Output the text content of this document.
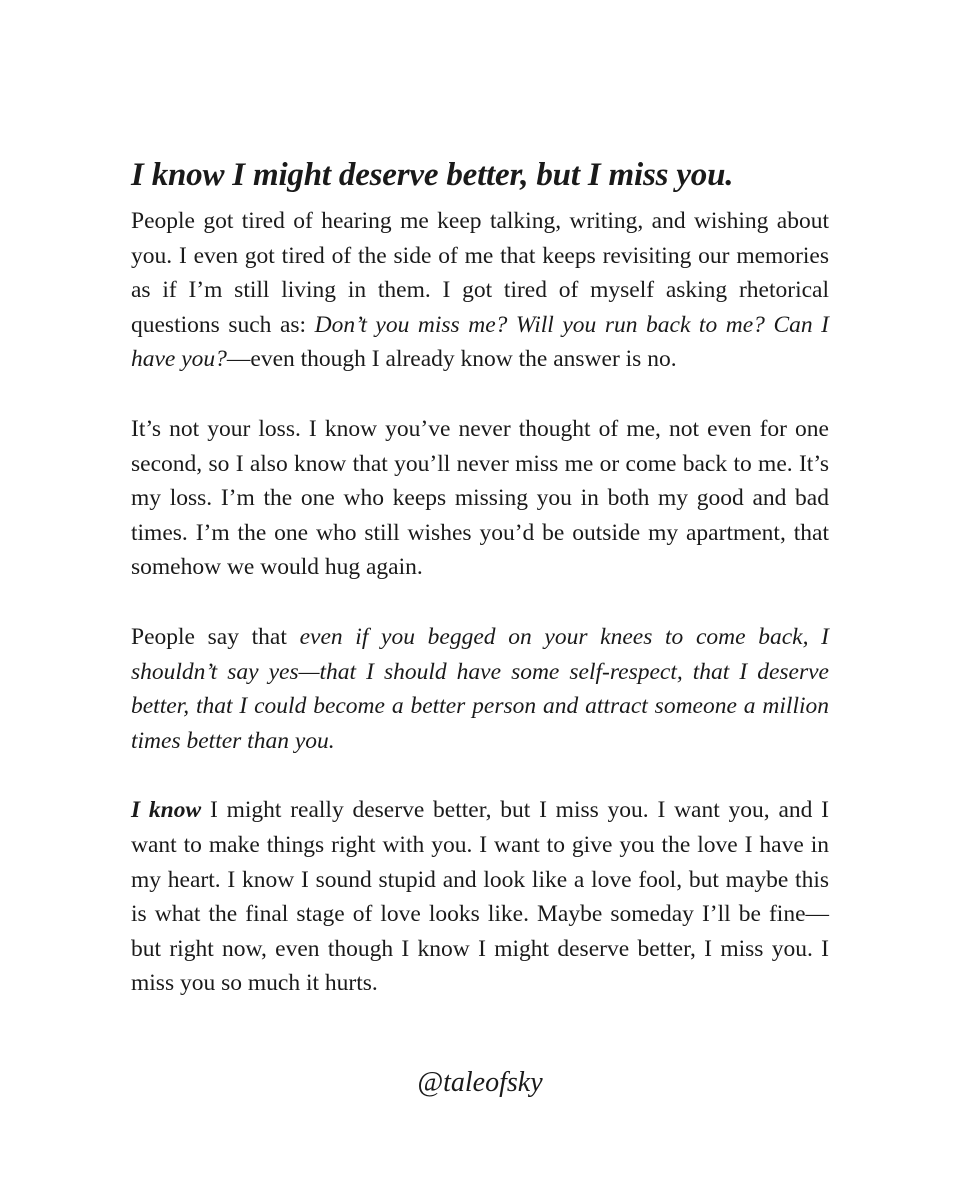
I know I might deserve better, but I miss you.

People got tired of hearing me keep talking, writing, and wishing about you. I even got tired of the side of me that keeps revisiting our memories as if I’m still living in them. I got tired of myself asking rhetorical questions such as: Don’t you miss me? Will you run back to me? Can I have you?—even though I already know the answer is no.

It’s not your loss. I know you’ve never thought of me, not even for one second, so I also know that you’ll never miss me or come back to me. It’s my loss. I’m the one who keeps missing you in both my good and bad times. I’m the one who still wishes you’d be outside my apartment, that somehow we would hug again.

People say that even if you begged on your knees to come back, I shouldn’t say yes—that I should have some self-respect, that I deserve better, that I could become a better person and attract someone a million times better than you.

I know I might really deserve better, but I miss you. I want you, and I want to make things right with you. I want to give you the love I have in my heart. I know I sound stupid and look like a love fool, but maybe this is what the final stage of love looks like. Maybe someday I’ll be fine—but right now, even though I know I might deserve better, I miss you. I miss you so much it hurts.

@taleofsky
